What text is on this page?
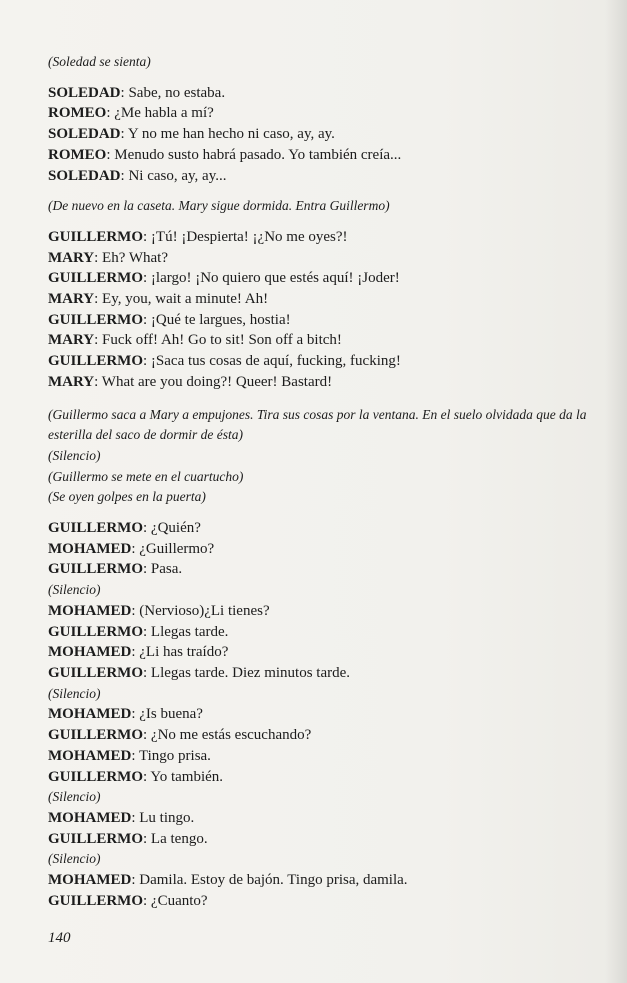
(Soledad se sienta)
SOLEDAD: Sabe, no estaba.
ROMEO: ¿Me habla a mí?
SOLEDAD: Y no me han hecho ni caso, ay, ay.
ROMEO: Menudo susto habrá pasado. Yo también creía...
SOLEDAD: Ni caso, ay, ay...
(De nuevo en la caseta. Mary sigue dormida. Entra Guillermo)
GUILLERMO: ¡Tú! ¡Despierta! ¡¿No me oyes?!
MARY: Eh? What?
GUILLERMO: ¡largo! ¡No quiero que estés aquí! ¡Joder!
MARY: Ey, you, wait a minute! Ah!
GUILLERMO: ¡Qué te largues, hostia!
MARY: Fuck off! Ah! Go to sit! Son off a bitch!
GUILLERMO: ¡Saca tus cosas de aquí, fucking, fucking!
MARY: What are you doing?! Queer! Bastard!
(Guillermo saca a Mary a empujones. Tira sus cosas por la ventana. En el suelo olvidada que da la esterilla del saco de dormir de ésta)
(Silencio)
(Guillermo se mete en el cuartucho)
(Se oyen golpes en la puerta)
GUILLERMO: ¿Quién?
MOHAMED: ¿Guillermo?
GUILLERMO: Pasa.
(Silencio)
MOHAMED: (Nervioso)¿Li tienes?
GUILLERMO: Llegas tarde.
MOHAMED: ¿Li has traído?
GUILLERMO: Llegas tarde. Diez minutos tarde.
(Silencio)
MOHAMED: ¿Is buena?
GUILLERMO: ¿No me estás escuchando?
MOHAMED: Tingo prisa.
GUILLERMO: Yo también.
(Silencio)
MOHAMED: Lu tingo.
GUILLERMO: La tengo.
(Silencio)
MOHAMED: Damila. Estoy de bajón. Tingo prisa, damila.
GUILLERMO: ¿Cuanto?
140
